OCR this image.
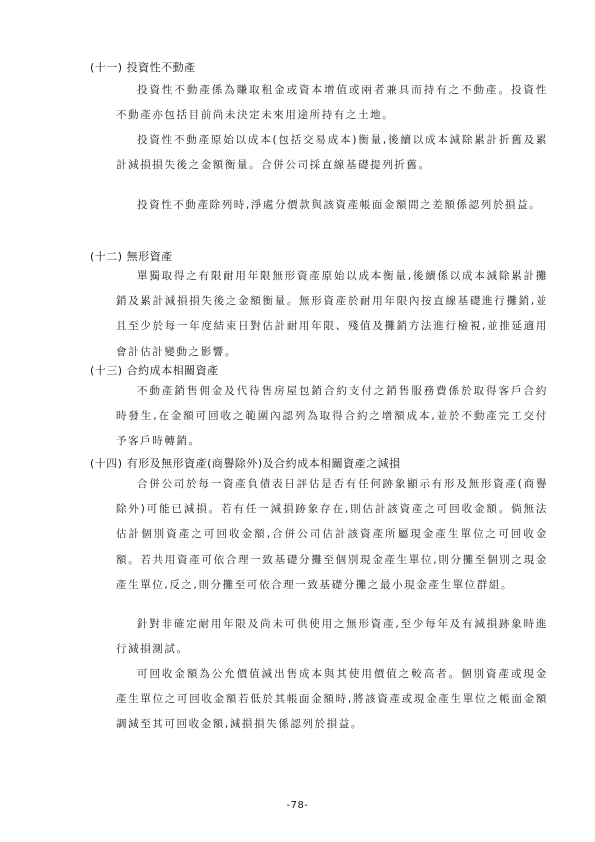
(十一) 投資性不動產
投資性不動產係為賺取租金或資本增值或兩者兼具而持有之不動產。投資性不動產亦包括目前尚未決定未來用途所持有之土地。
投資性不動產原始以成本(包括交易成本)衡量,後續以成本減除累計折舊及累計減損損失後之金額衡量。合併公司採直線基礎提列折舊。
投資性不動產除列時,淨處分價款與該資產帳面金額間之差額係認列於損益。
(十二) 無形資產
單獨取得之有限耐用年限無形資產原始以成本衡量,後續係以成本減除累計攤銷及累計減損損失後之金額衡量。無形資產於耐用年限內按直線基礎進行攤銷,並且至少於每一年度結束日對估計耐用年限、殘值及攤銷方法進行檢視,並推延適用會計估計變動之影響。
(十三) 合約成本相關資產
不動產銷售佣金及代待售房屋包銷合約支付之銷售服務費係於取得客戶合約時發生,在金額可回收之範圍內認列為取得合約之增額成本,並於不動產完工交付予客戶時轉銷。
(十四) 有形及無形資產(商譽除外)及合約成本相關資產之減損
合併公司於每一資產負債表日評估是否有任何跡象顯示有形及無形資產(商譽除外)可能已減損。若有任一減損跡象存在,則估計該資產之可回收金額。倘無法估計個別資產之可回收金額,合併公司估計該資產所屬現金產生單位之可回收金額。若共用資產可依合理一致基礎分攤至個別現金產生單位,則分攤至個別之現金產生單位,反之,則分攤至可依合理一致基礎分攤之最小現金產生單位群組。
針對非確定耐用年限及尚未可供使用之無形資產,至少每年及有減損跡象時進行減損測試。
可回收金額為公允價值減出售成本與其使用價值之較高者。個別資產或現金產生單位之可回收金額若低於其帳面金額時,將該資產或現金產生單位之帳面金額調減至其可回收金額,減損損失係認列於損益。
-78-
